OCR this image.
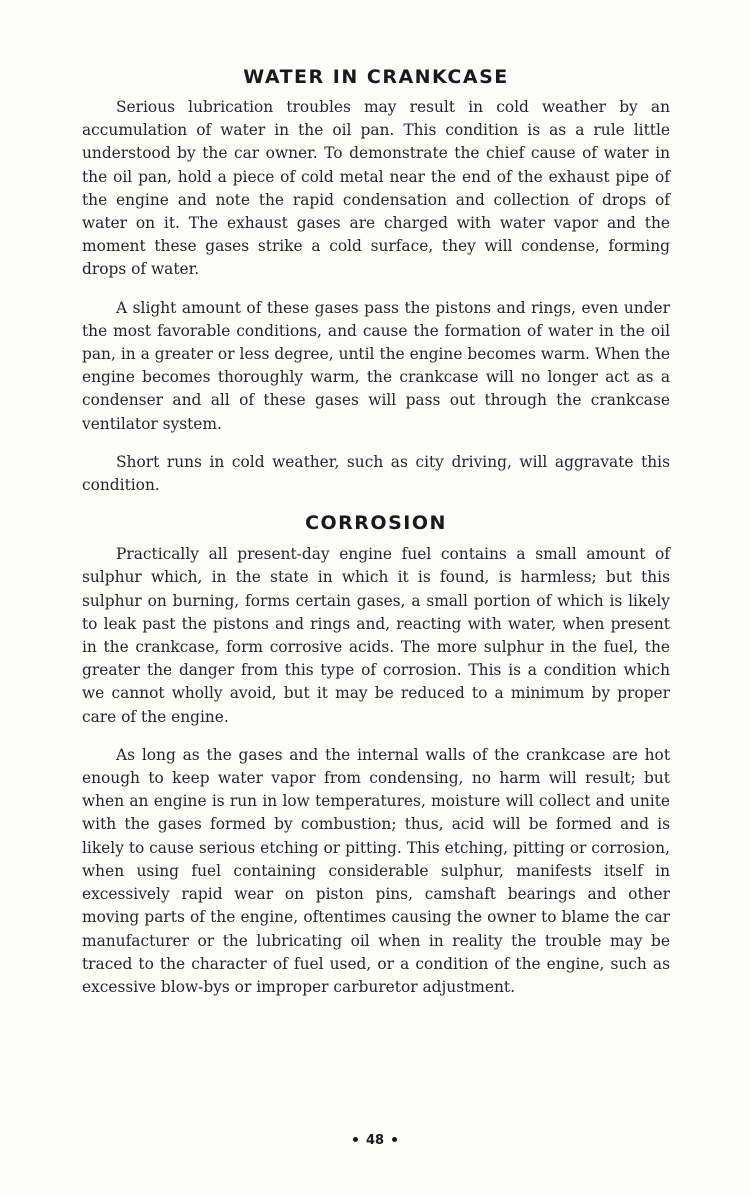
WATER IN CRANKCASE

Serious lubrication troubles may result in cold weather by an accumulation of water in the oil pan. This condition is as a rule little understood by the car owner. To demonstrate the chief cause of water in the oil pan, hold a piece of cold metal near the end of the exhaust pipe of the engine and note the rapid condensation and collection of drops of water on it. The exhaust gases are charged with water vapor and the moment these gases strike a cold surface, they will condense, forming drops of water.

A slight amount of these gases pass the pistons and rings, even under the most favorable conditions, and cause the formation of water in the oil pan, in a greater or less degree, until the engine becomes warm. When the engine becomes thoroughly warm, the crankcase will no longer act as a condenser and all of these gases will pass out through the crankcase ventilator system.

Short runs in cold weather, such as city driving, will aggravate this condition.

CORROSION

Practically all present-day engine fuel contains a small amount of sulphur which, in the state in which it is found, is harmless; but this sulphur on burning, forms certain gases, a small portion of which is likely to leak past the pistons and rings and, reacting with water, when present in the crankcase, form corrosive acids. The more sulphur in the fuel, the greater the danger from this type of corrosion. This is a condition which we cannot wholly avoid, but it may be reduced to a minimum by proper care of the engine.

As long as the gases and the internal walls of the crankcase are hot enough to keep water vapor from condensing, no harm will result; but when an engine is run in low temperatures, moisture will collect and unite with the gases formed by combustion; thus, acid will be formed and is likely to cause serious etching or pitting. This etching, pitting or corrosion, when using fuel containing considerable sulphur, manifests itself in excessively rapid wear on piston pins, camshaft bearings and other moving parts of the engine, oftentimes causing the owner to blame the car manufacturer or the lubricating oil when in reality the trouble may be traced to the character of fuel used, or a condition of the engine, such as excessive blow-bys or improper carburetor adjustment.

48
